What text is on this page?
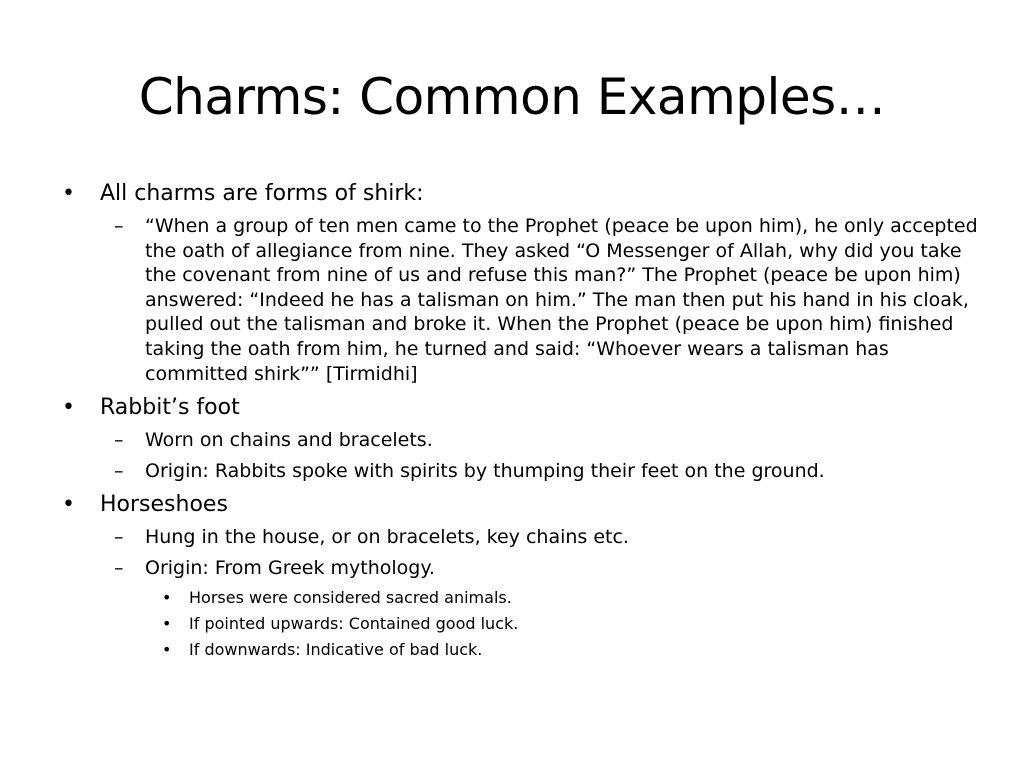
Charms: Common Examples…
• All charms are forms of shirk:
– “When a group of ten men came to the Prophet (peace be upon him), he only accepted the oath of allegiance from nine. They asked “O Messenger of Allah, why did you take the covenant from nine of us and refuse this man?” The Prophet (peace be upon him) answered: “Indeed he has a talisman on him.” The man then put his hand in his cloak, pulled out the talisman and broke it. When the Prophet (peace be upon him) finished taking the oath from him, he turned and said: “Whoever wears a talisman has committed shirk”” [Tirmidhi]
• Rabbit’s foot
– Worn on chains and bracelets.
– Origin: Rabbits spoke with spirits by thumping their feet on the ground.
• Horseshoes
– Hung in the house, or on bracelets, key chains etc.
– Origin: From Greek mythology.
• Horses were considered sacred animals.
• If pointed upwards: Contained good luck.
• If downwards: Indicative of bad luck.
